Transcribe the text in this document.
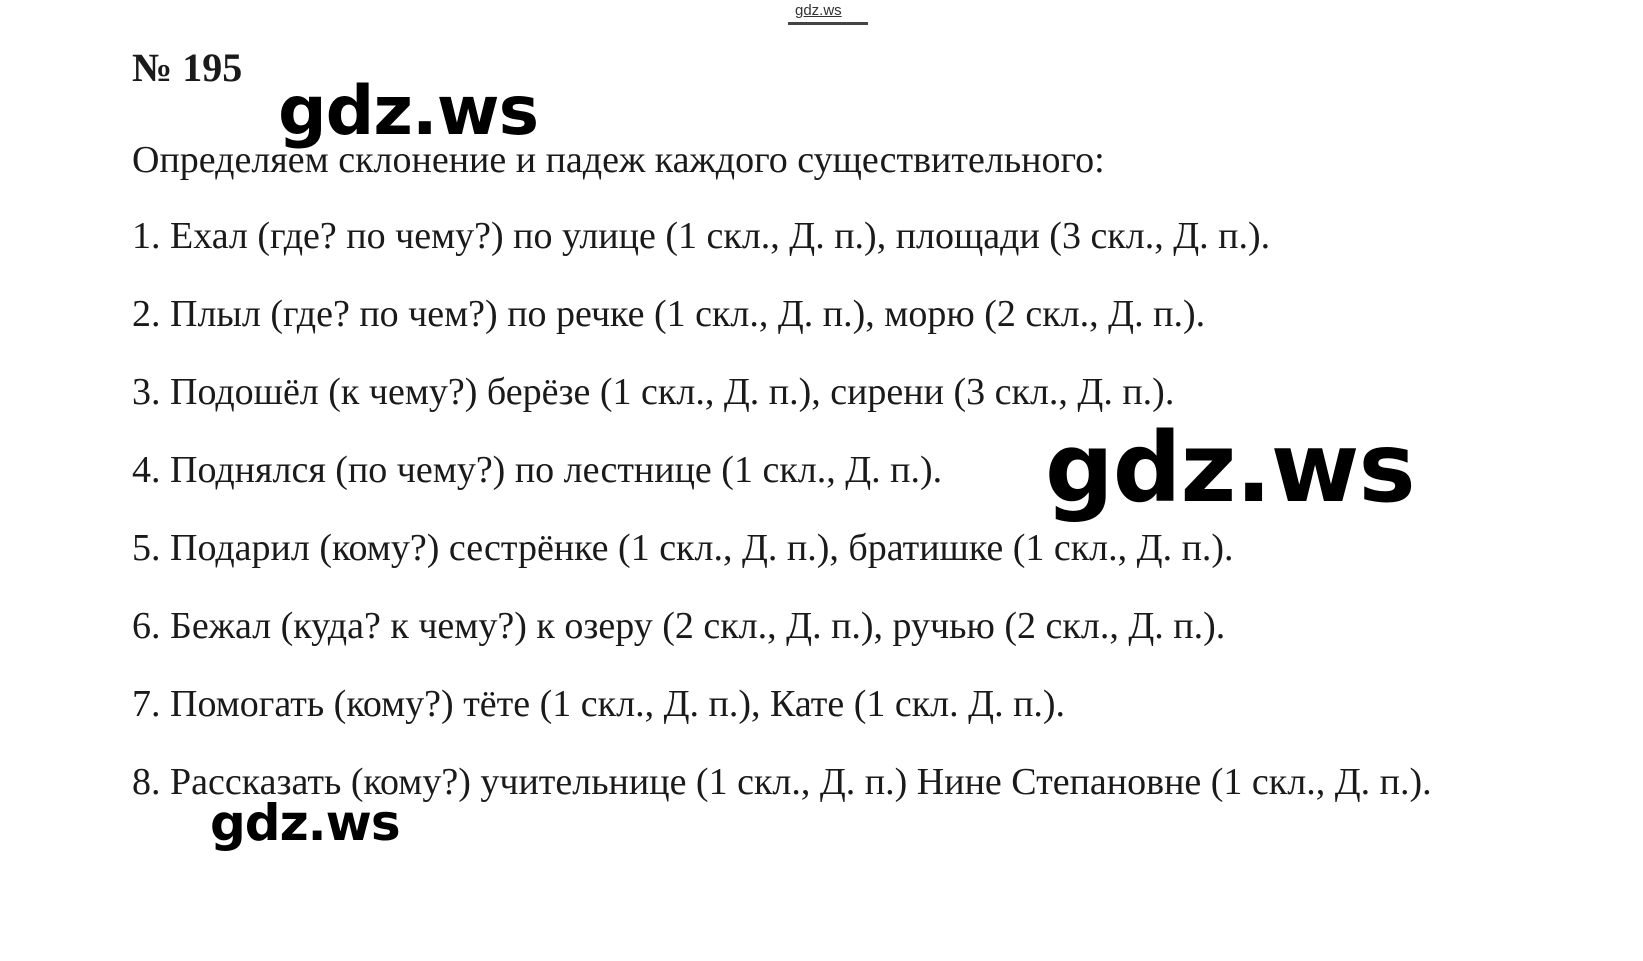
gdz.ws
№ 195

Определяем склонение и падеж каждого существительного:

1. Ехал (где? по чему?) по улице (1 скл., Д. п.), площади (3 скл., Д. п.).
2. Плыл (где? по чем?) по речке (1 скл., Д. п.), морю (2 скл., Д. п.).
3. Подошёл (к чему?) берёзе (1 скл., Д. п.), сирени (3 скл., Д. п.).
4. Поднялся (по чему?) по лестнице (1 скл., Д. п.).
5. Подарил (кому?) сестрёнке (1 скл., Д. п.), братишке (1 скл., Д. п.).
6. Бежал (куда? к чему?) к озеру (2 скл., Д. п.), ручью (2 скл., Д. п.).
7. Помогать (кому?) тёте (1 скл., Д. п.), Кате (1 скл. Д. п.).
8. Рассказать (кому?) учительнице (1 скл., Д. п.) Нине Степановне (1 скл., Д. п.).
gdz.ws
gdz.ws
gdz.ws
